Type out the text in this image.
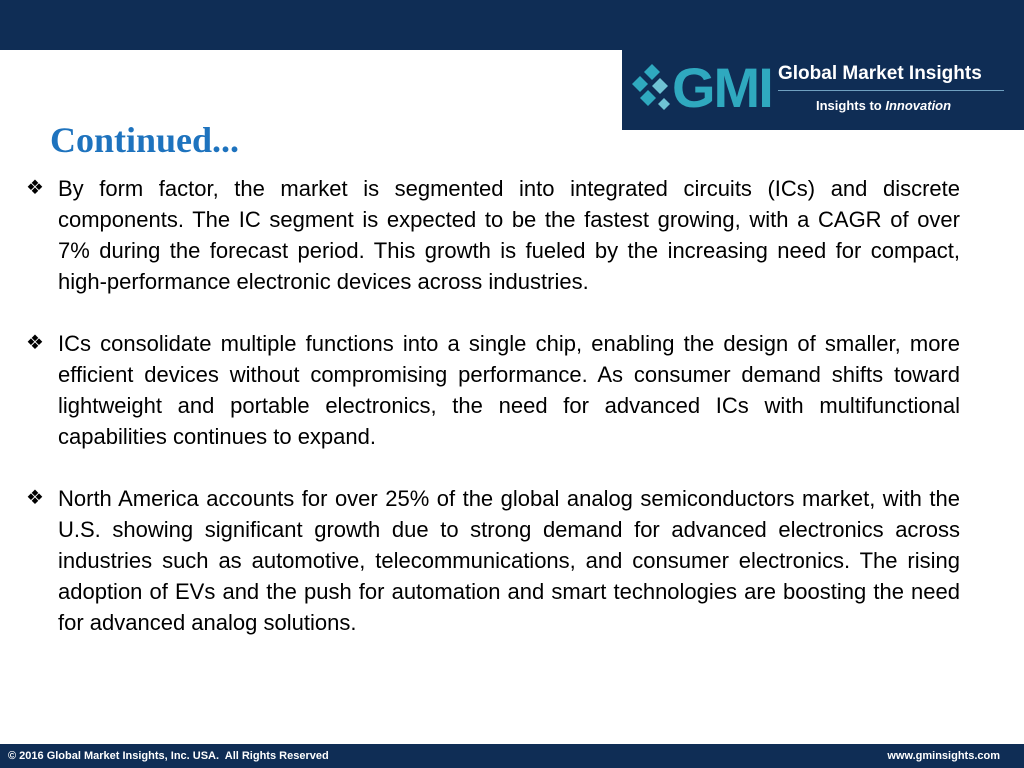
GMI Global Market Insights
Insights to Innovation
Continued...
❖ By form factor, the market is segmented into integrated circuits (ICs) and discrete components. The IC segment is expected to be the fastest growing, with a CAGR of over 7% during the forecast period. This growth is fueled by the increasing need for compact, high-performance electronic devices across industries.
❖ ICs consolidate multiple functions into a single chip, enabling the design of smaller, more efficient devices without compromising performance. As consumer demand shifts toward lightweight and portable electronics, the need for advanced ICs with multifunctional capabilities continues to expand.
❖ North America accounts for over 25% of the global analog semiconductors market, with the U.S. showing significant growth due to strong demand for advanced electronics across industries such as automotive, telecommunications, and consumer electronics. The rising adoption of EVs and the push for automation and smart technologies are boosting the need for advanced analog solutions.
© 2016 Global Market Insights, Inc. USA.  All Rights Reserved	www.gminsights.com
